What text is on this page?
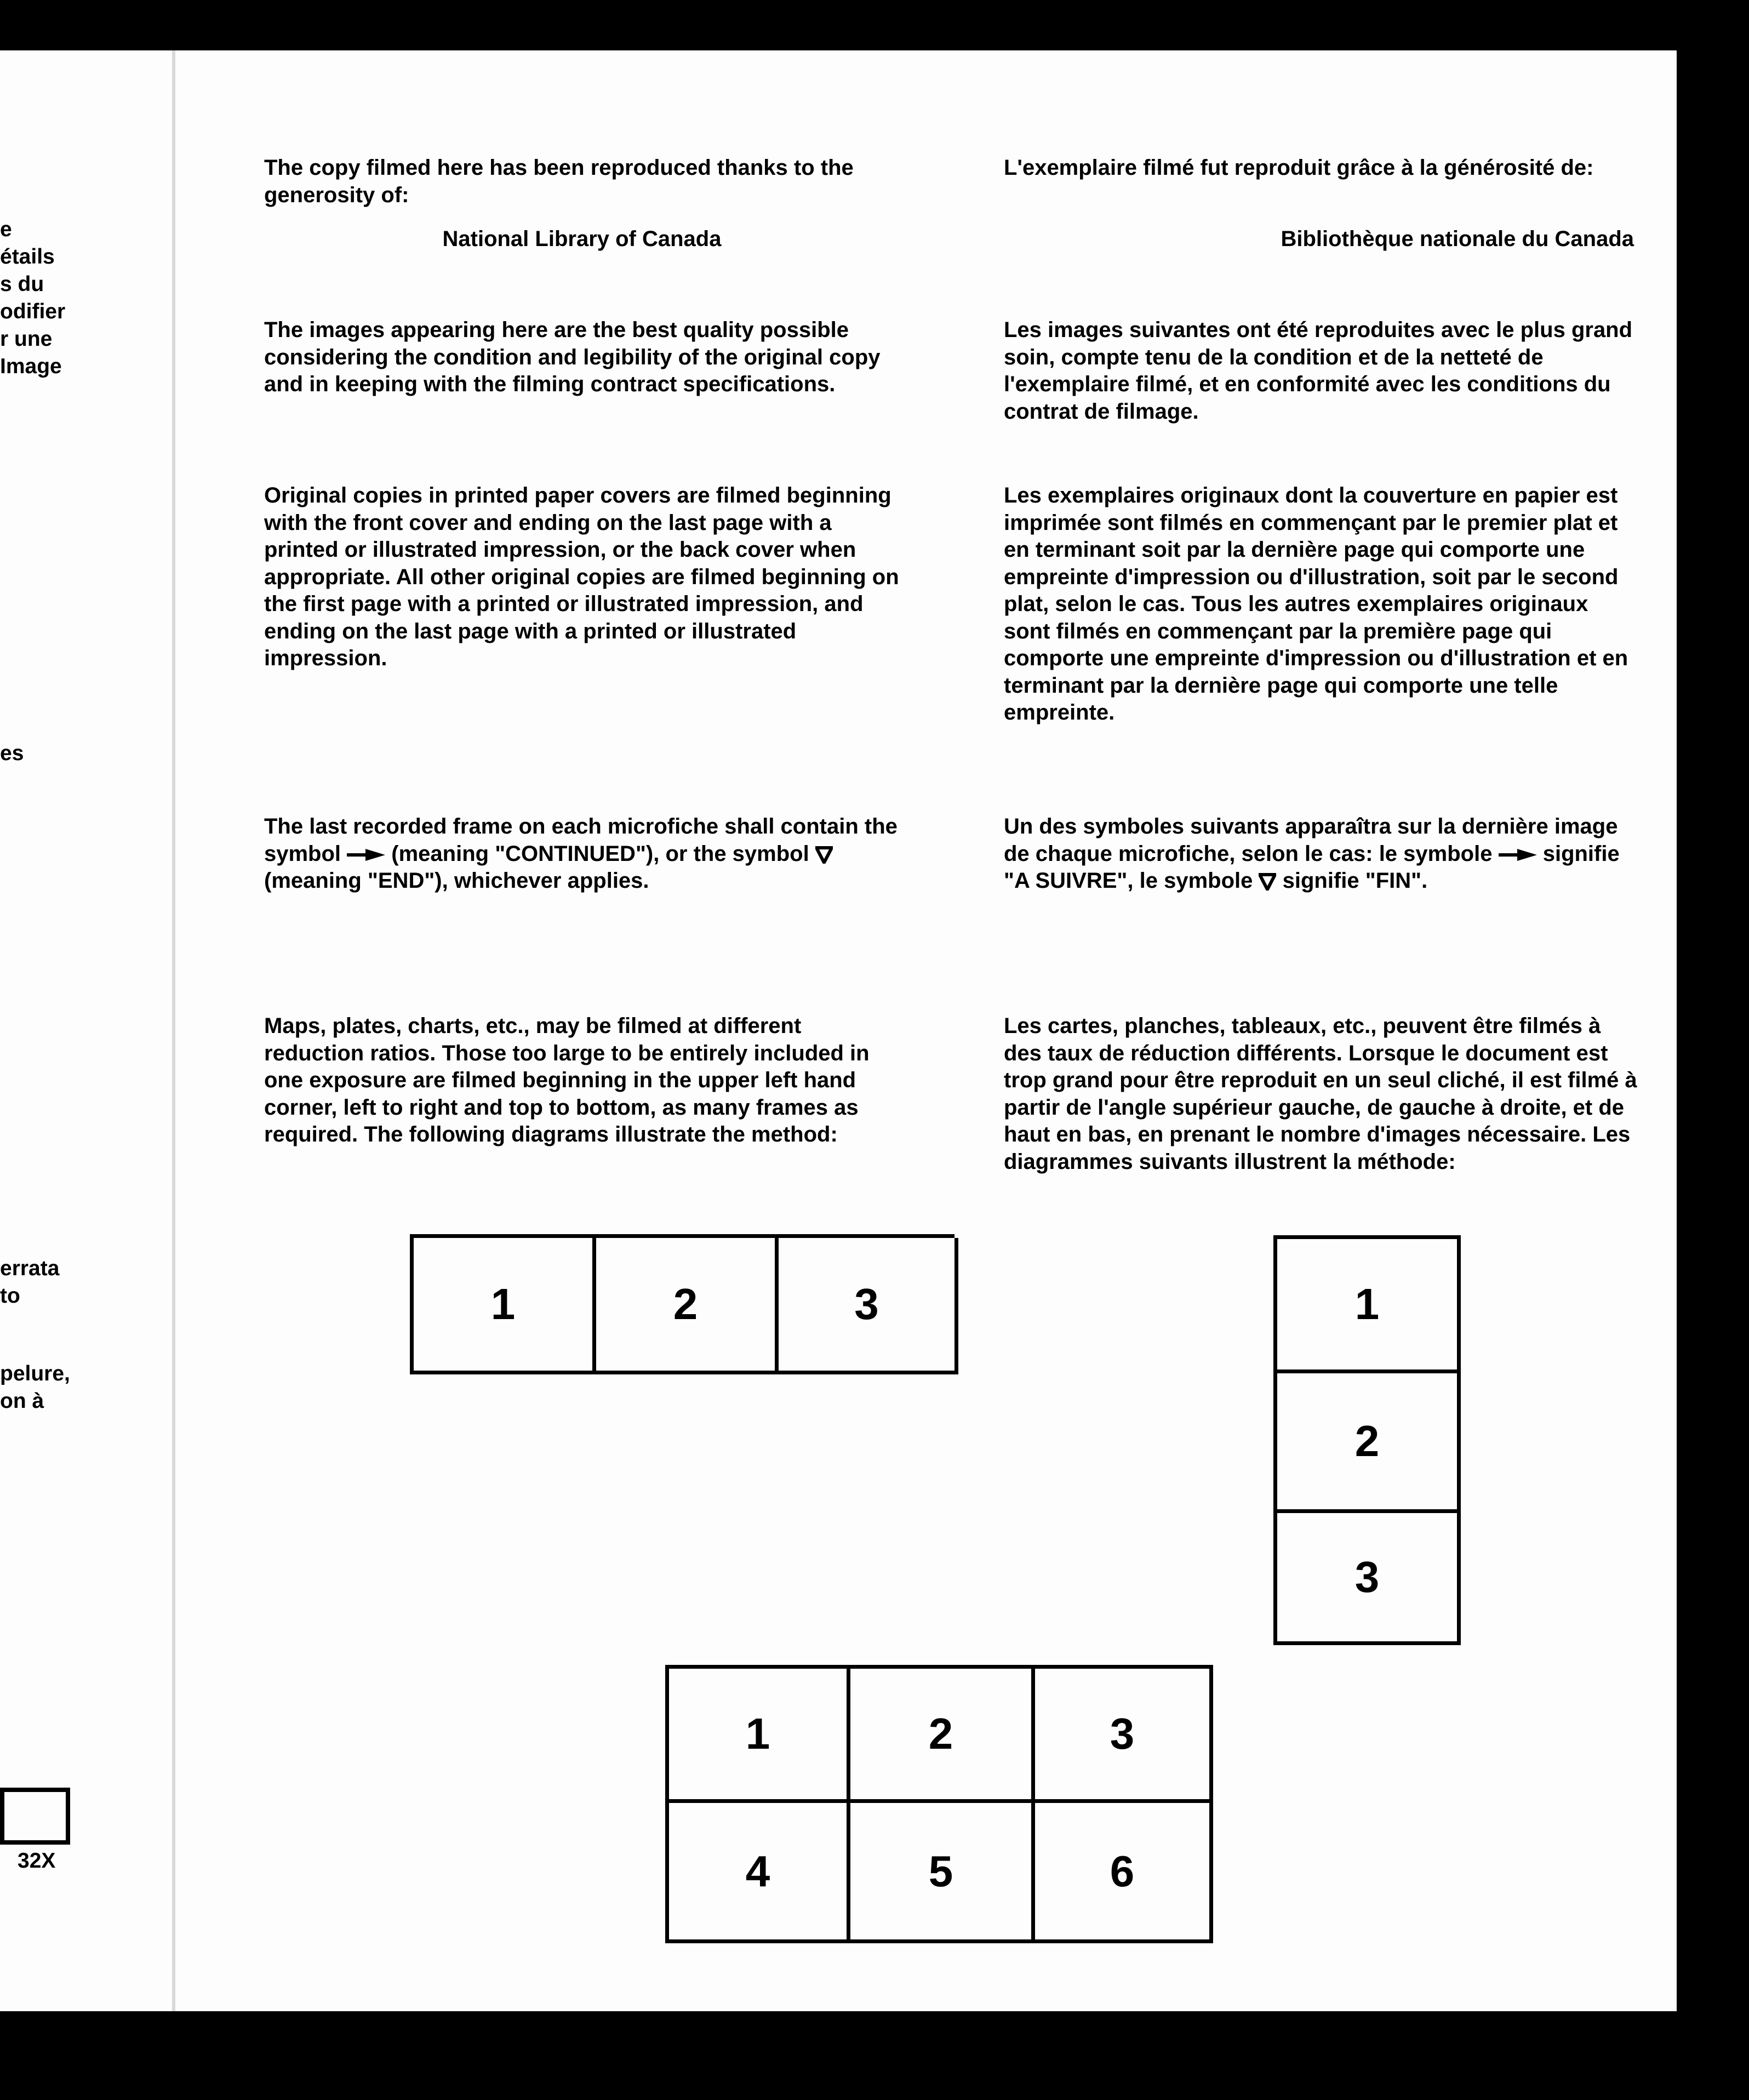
e
étails
s du
odifier
r une
Image
es
errata
to
pelure,
on à
32X

The copy filmed here has been reproduced thanks to the generosity of:

National Library of Canada

The images appearing here are the best quality possible considering the condition and legibility of the original copy and in keeping with the filming contract specifications.

Original copies in printed paper covers are filmed beginning with the front cover and ending on the last page with a printed or illustrated impression, or the back cover when appropriate. All other original copies are filmed beginning on the first page with a printed or illustrated impression, and ending on the last page with a printed or illustrated impression.

The last recorded frame on each microfiche shall contain the symbol (meaning "CONTINUED"), or the symbol  (meaning "END"), whichever applies.

Maps, plates, charts, etc., may be filmed at different reduction ratios. Those too large to be entirely included in one exposure are filmed beginning in the upper left hand corner, left to right and top to bottom, as many frames as required. The following diagrams illustrate the method:

L'exemplaire filmé fut reproduit grâce à la générosité de:

Bibliothèque nationale du Canada

Les images suivantes ont été reproduites avec le plus grand soin, compte tenu de la condition et de la netteté de l'exemplaire filmé, et en conformité avec les conditions du contrat de filmage.

Les exemplaires originaux dont la couverture en papier est imprimée sont filmés en commençant par le premier plat et en terminant soit par la dernière page qui comporte une empreinte d'impression ou d'illustration, soit par le second plat, selon le cas. Tous les autres exemplaires originaux sont filmés en commençant par la première page qui comporte une empreinte d'impression ou d'illustration et en terminant par la dernière page qui comporte une telle empreinte.

Un des symboles suivants apparaîtra sur la dernière image de chaque microfiche, selon le cas: le symbole signifie "A SUIVRE", le symbole signifie "FIN".

Les cartes, planches, tableaux, etc., peuvent être filmés à des taux de réduction différents. Lorsque le document est trop grand pour être reproduit en un seul cliché, il est filmé à partir de l'angle supérieur gauche, de gauche à droite, et de haut en bas, en prenant le nombre d'images nécessaire. Les diagrammes suivants illustrent la méthode:

1	2	3	1
2
3
1	2	3
4	5	6
